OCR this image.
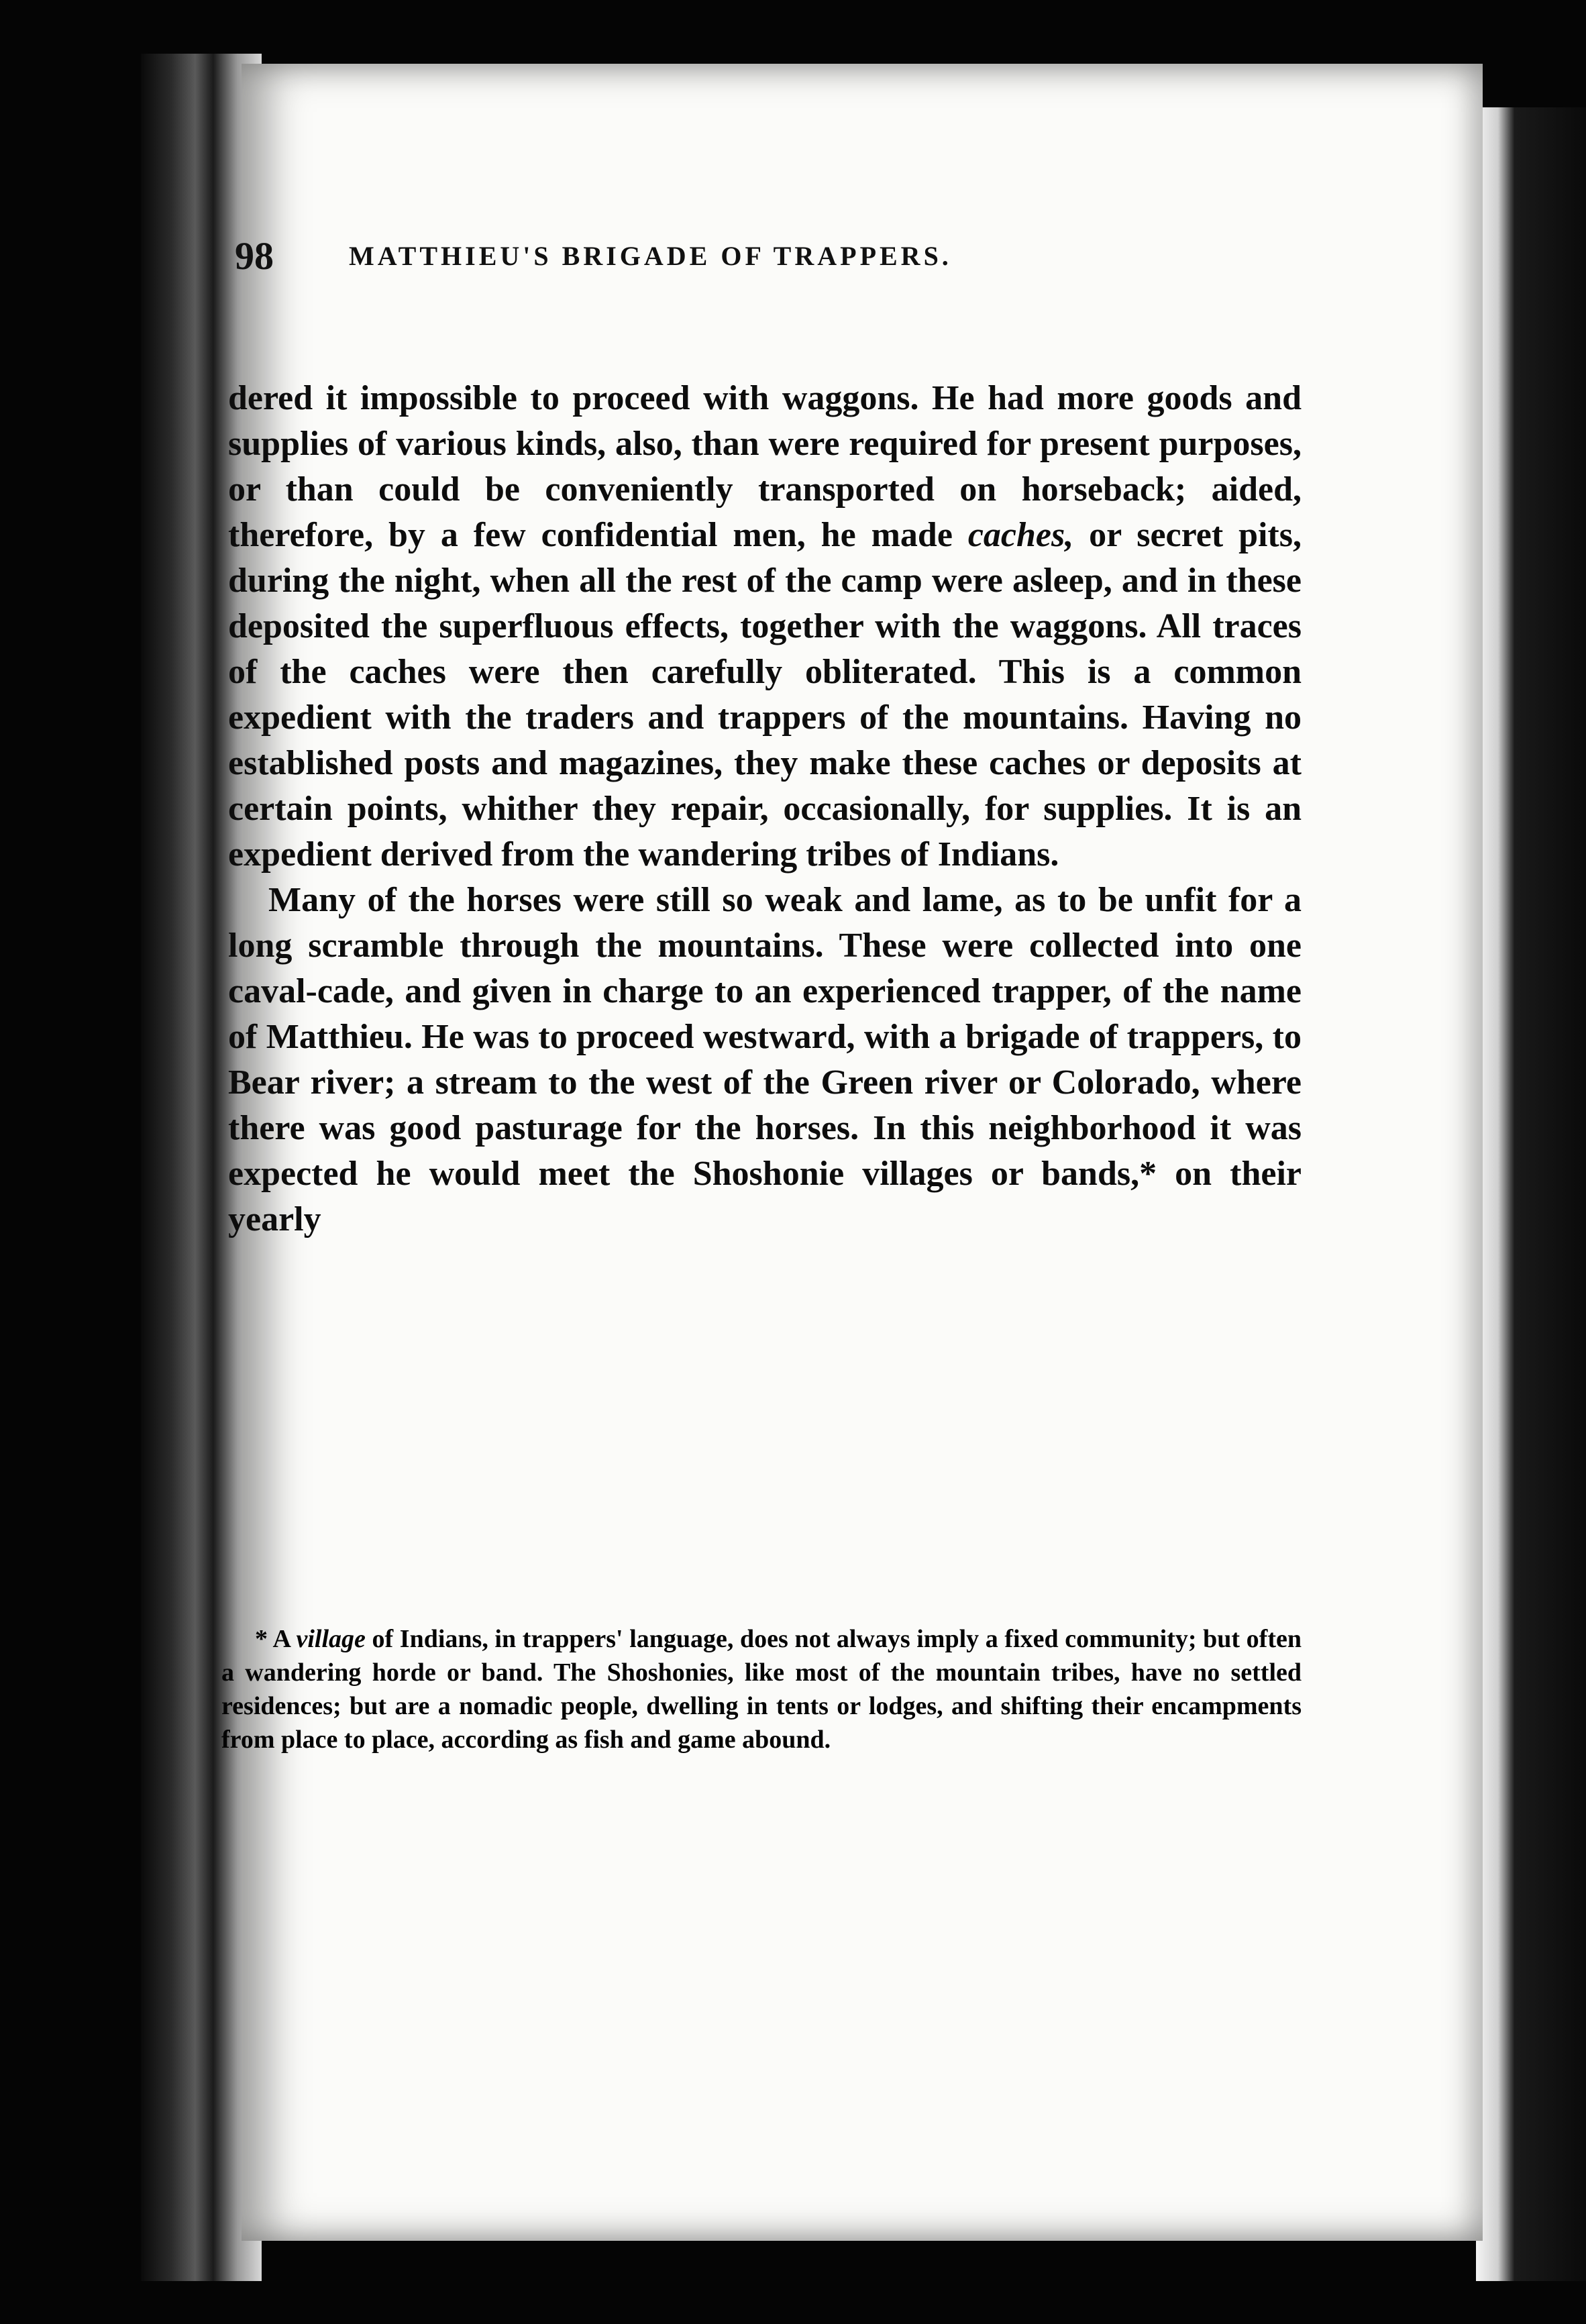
98	MATTHIEU'S BRIGADE OF TRAPPERS.

dered it impossible to proceed with waggons. He had more goods and supplies of various kinds, also, than were required for present purposes, or than could be conveniently transported on horseback; aided, therefore, by a few confidential men, he made caches, or secret pits, during the night, when all the rest of the camp were asleep, and in these deposited the superfluous effects, together with the waggons. All traces of the caches were then carefully obliterated. This is a common expedient with the traders and trappers of the mountains. Having no established posts and magazines, they make these caches or deposits at certain points, whither they repair, occasionally, for supplies. It is an expedient derived from the wandering tribes of Indians.

Many of the horses were still so weak and lame, as to be unfit for a long scramble through the mountains. These were collected into one caval-cade, and given in charge to an experienced trapper, of the name of Matthieu. He was to proceed westward, with a brigade of trappers, to Bear river; a stream to the west of the Green river or Colorado, where there was good pasturage for the horses. In this neighborhood it was expected he would meet the Shoshonie villages or bands,* on their yearly

* A village of Indians, in trappers' language, does not always imply a fixed community; but often a wandering horde or band. The Shoshonies, like most of the mountain tribes, have no settled residences; but are a nomadic people, dwelling in tents or lodges, and shifting their encampments from place to place, according as fish and game abound.
